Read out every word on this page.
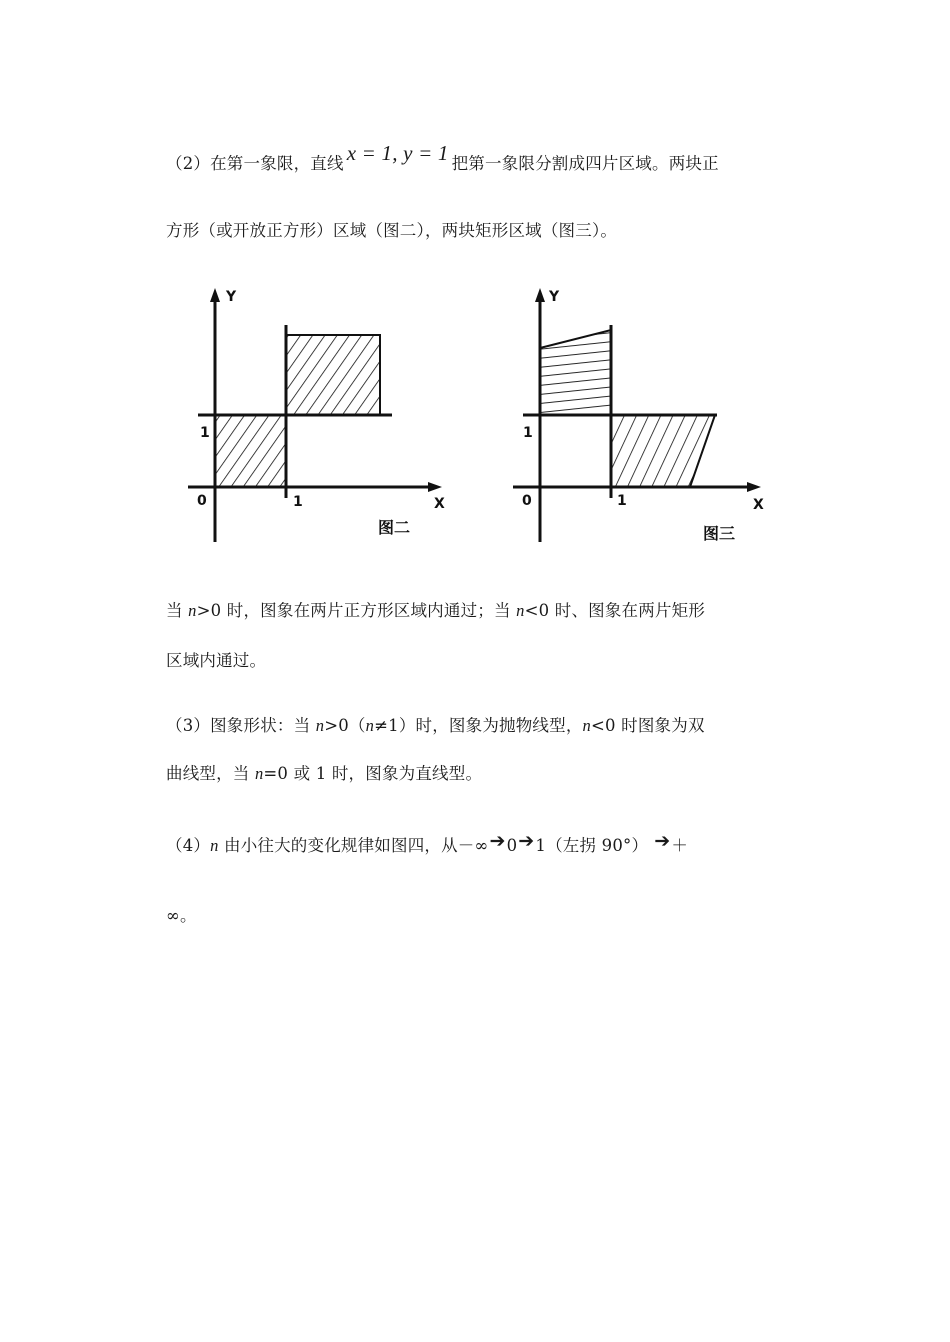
（2）在第一象限，直线 x = 1, y = 1 把第一象限分割成四片区域。两块正
方形（或开放正方形）区域（图二），两块矩形区域（图三）。
Y
X
0	1
1
图二
Y
X
0	1
1
图三
当 n>0 时，图象在两片正方形区域内通过；当 n<0 时、图象在两片矩形
区域内通过。
（3）图象形状：当 n>0（n≠1）时，图象为抛物线型，n<0 时图象为双
曲线型，当 n=0 或 1 时，图象为直线型。
（4）n 由小往大的变化规律如图四，从－∞➔0➔1（左拐 90°） ➔＋
∞。
